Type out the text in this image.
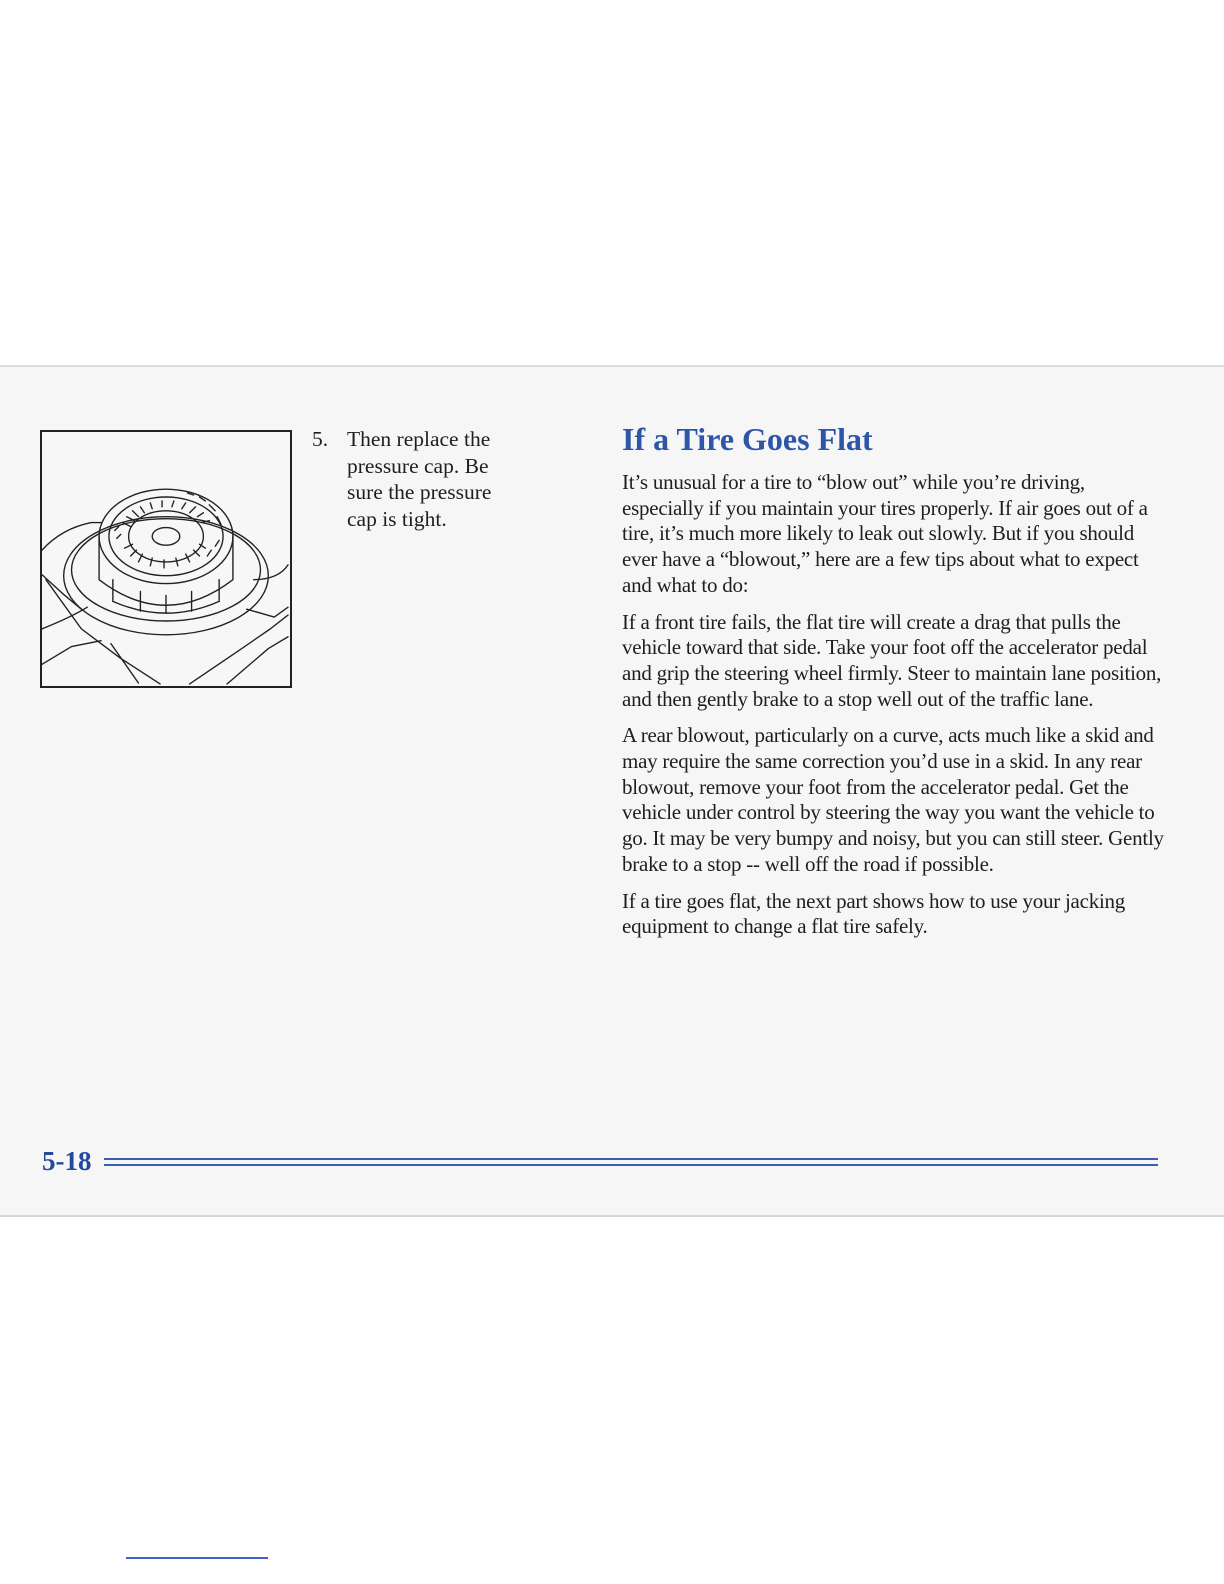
5. Then replace the pressure cap. Be sure the pressure cap is tight.
If a Tire Goes Flat

It’s unusual for a tire to “blow out” while you’re driving, especially if you maintain your tires properly. If air goes out of a tire, it’s much more likely to leak out slowly. But if you should ever have a “blowout,” here are a few tips about what to expect and what to do:

If a front tire fails, the flat tire will create a drag that pulls the vehicle toward that side. Take your foot off the accelerator pedal and grip the steering wheel firmly. Steer to maintain lane position, and then gently brake to a stop well out of the traffic lane.

A rear blowout, particularly on a curve, acts much like a skid and may require the same correction you’d use in a skid. In any rear blowout, remove your foot from the accelerator pedal. Get the vehicle under control by steering the way you want the vehicle to go. It may be very bumpy and noisy, but you can still steer. Gently brake to a stop -- well off the road if possible.

If a tire goes flat, the next part shows how to use your jacking equipment to change a flat tire safely.

5-18
